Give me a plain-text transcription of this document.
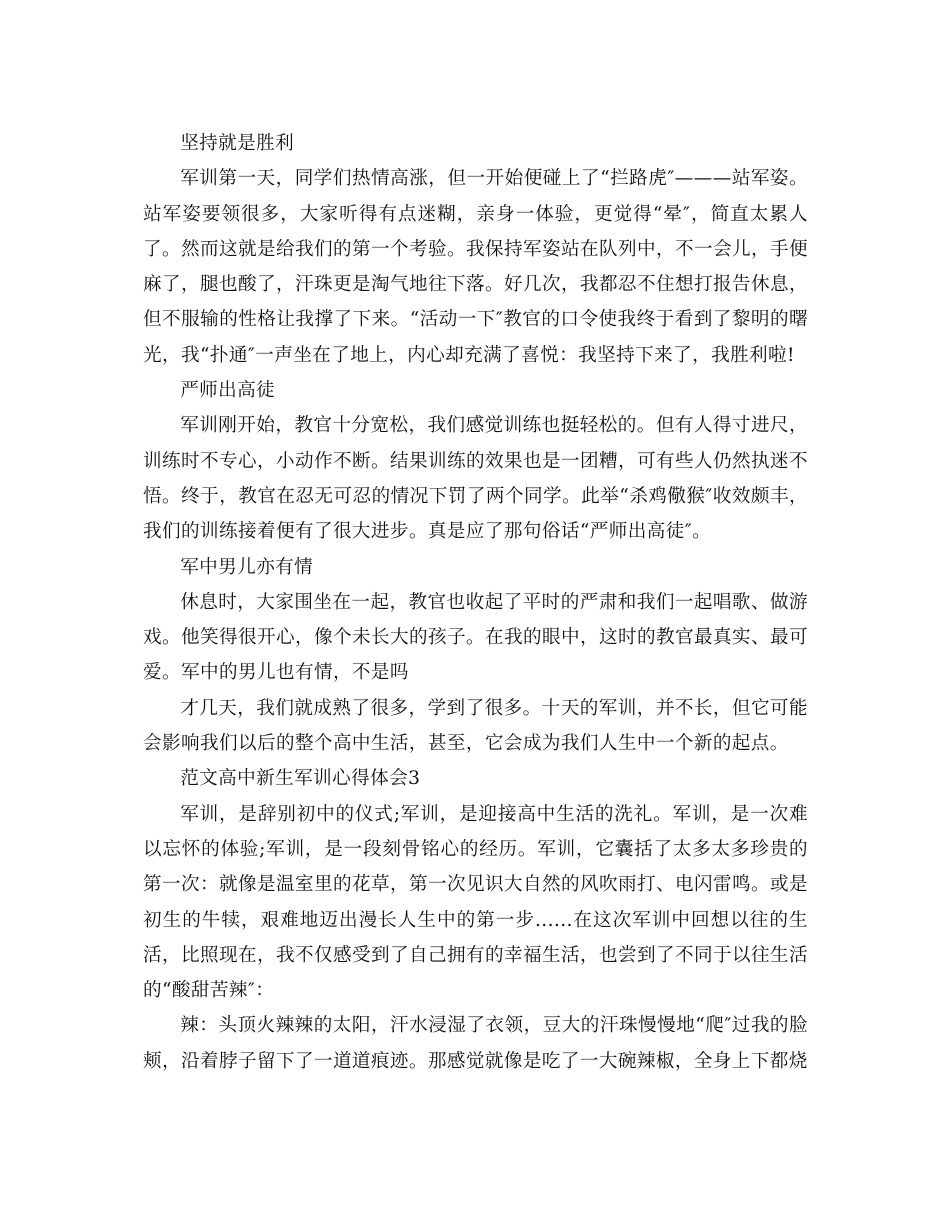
坚持就是胜利

军训第一天，同学们热情高涨，但一开始便碰上了“拦路虎″———站军姿。站军姿要领很多，大家听得有点迷糊，亲身一体验，更觉得“晕″，简直太累人了。然而这就是给我们的第一个考验。我保持军姿站在队列中，不一会儿，手便麻了，腿也酸了，汗珠更是淘气地往下落。好几次，我都忍不住想打报告休息，但不服输的性格让我撑了下来。“活动一下″教官的口令使我终于看到了黎明的曙光，我“扑通″一声坐在了地上，内心却充满了喜悦：我坚持下来了，我胜利啦!

严师出高徒

军训刚开始，教官十分宽松，我们感觉训练也挺轻松的。但有人得寸进尺，训练时不专心，小动作不断。结果训练的效果也是一团糟，可有些人仍然执迷不悟。终于，教官在忍无可忍的情况下罚了两个同学。此举“杀鸡儆猴″收效颇丰，我们的训练接着便有了很大进步。真是应了那句俗话“严师出高徒″。

军中男儿亦有情

休息时，大家围坐在一起，教官也收起了平时的严肃和我们一起唱歌、做游戏。他笑得很开心，像个未长大的孩子。在我的眼中，这时的教官最真实、最可爱。军中的男儿也有情，不是吗

才几天，我们就成熟了很多，学到了很多。十天的军训，并不长，但它可能会影响我们以后的整个高中生活，甚至，它会成为我们人生中一个新的起点。

范文高中新生军训心得体会3

军训，是辞别初中的仪式;军训，是迎接高中生活的洗礼。军训，是一次难以忘怀的体验;军训，是一段刻骨铭心的经历。军训，它囊括了太多太多珍贵的第一次：就像是温室里的花草，第一次见识大自然的风吹雨打、电闪雷鸣。或是初生的牛犊，艰难地迈出漫长人生中的第一步......在这次军训中回想以往的生活，比照现在，我不仅感受到了自己拥有的幸福生活，也尝到了不同于以往生活的“酸甜苦辣″：

辣：头顶火辣辣的太阳，汗水浸湿了衣领，豆大的汗珠慢慢地“爬″过我的脸颊，沿着脖子留下了一道道痕迹。那感觉就像是吃了一大碗辣椒，全身上下都烧
